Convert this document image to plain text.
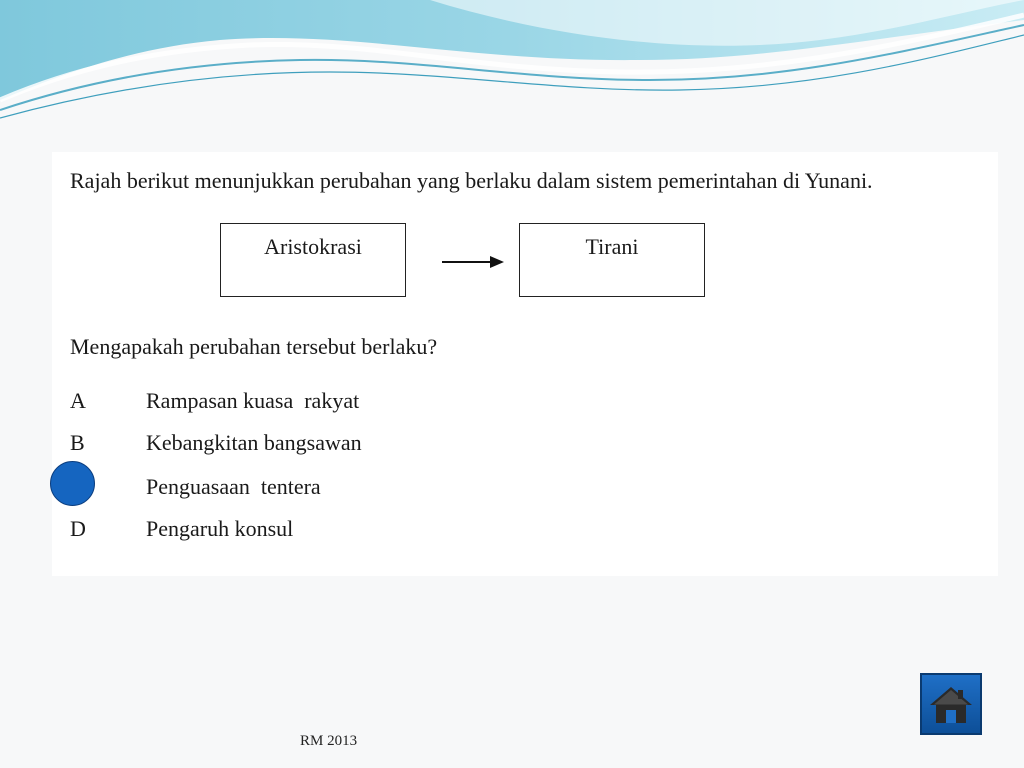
Rajah berikut menunjukkan perubahan yang berlaku dalam sistem pemerintahan di Yunani.
Aristokrasi	Tirani
Mengapakah perubahan tersebut berlaku?
A	Rampasan kuasa  rakyat
B	Kebangkitan bangsawan
Penguasaan  tentera
D	Pengaruh konsul
RM 2013
